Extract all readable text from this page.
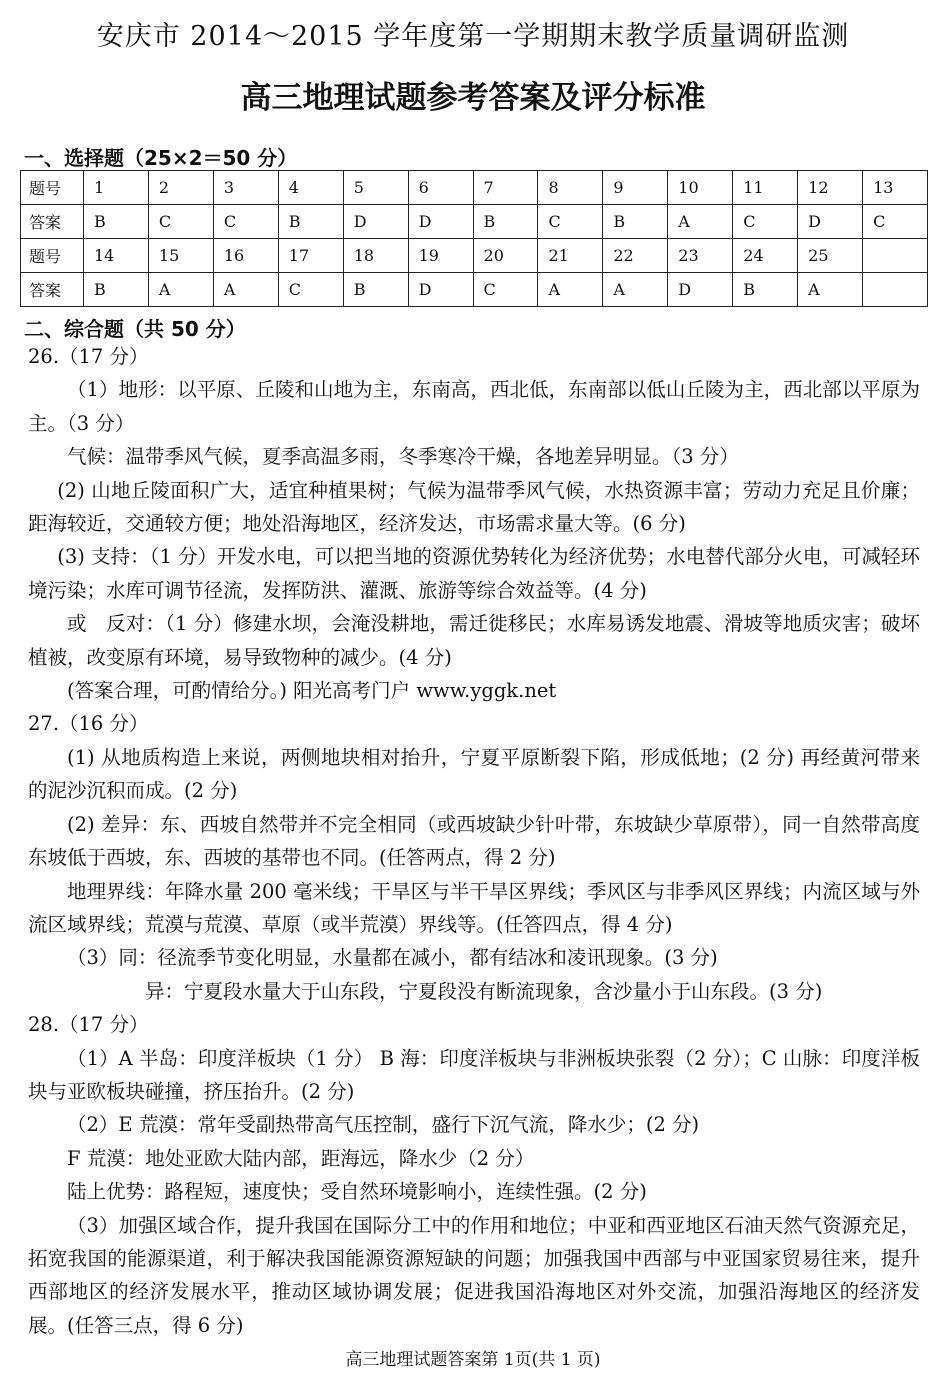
安庆市 2014～2015 学年度第一学期期末教学质量调研监测
高三地理试题参考答案及评分标准
一、选择题（25×2＝50 分）
题号	1	2	3	4	5	6	7	8	9	10	11	12	13
答案	B	C	C	B	D	D	B	C	B	A	C	D	C
题号	14	15	16	17	18	19	20	21	22	23	24	25	
答案	B	A	A	C	B	D	C	A	A	D	B	A	
二、综合题（共 50 分）

26.（17 分）

（1）地形：以平原、丘陵和山地为主，东南高，西北低，东南部以低山丘陵为主，西北部以平原为主。（3 分）

气候：温带季风气候，夏季高温多雨，冬季寒冷干燥，各地差异明显。（3 分）

(2) 山地丘陵面积广大，适宜种植果树；气候为温带季风气候，水热资源丰富；劳动力充足且价廉；距海较近，交通较方便；地处沿海地区，经济发达，市场需求量大等。(6 分)

(3) 支持：（1 分）开发水电，可以把当地的资源优势转化为经济优势；水电替代部分火电，可减轻环境污染；水库可调节径流，发挥防洪、灌溉、旅游等综合效益等。(4 分)

或　反对：（1 分）修建水坝，会淹没耕地，需迁徙移民；水库易诱发地震、滑坡等地质灾害；破坏植被，改变原有环境，易导致物种的减少。(4 分)

(答案合理，可酌情给分。) 阳光高考门户 www.yggk.net

27.（16 分）

(1) 从地质构造上来说，两侧地块相对抬升，宁夏平原断裂下陷，形成低地；(2 分) 再经黄河带来的泥沙沉积而成。(2 分)

(2) 差异：东、西坡自然带并不完全相同（或西坡缺少针叶带，东坡缺少草原带），同一自然带高度东坡低于西坡，东、西坡的基带也不同。(任答两点，得 2 分)

地理界线：年降水量 200 毫米线；干旱区与半干旱区界线；季风区与非季风区界线；内流区域与外流区域界线；荒漠与荒漠、草原（或半荒漠）界线等。(任答四点，得 4 分)

（3）同：径流季节变化明显，水量都在减小，都有结冰和凌讯现象。(3 分)

异：宁夏段水量大于山东段，宁夏段没有断流现象，含沙量小于山东段。(3 分)

28.（17 分）

（1）A 半岛：印度洋板块（1 分） B 海：印度洋板块与非洲板块张裂（2 分）；C 山脉：印度洋板块与亚欧板块碰撞，挤压抬升。(2 分)

（2）E 荒漠：常年受副热带高气压控制，盛行下沉气流，降水少；(2 分)

F 荒漠：地处亚欧大陆内部，距海远，降水少（2 分）

陆上优势：路程短，速度快；受自然环境影响小，连续性强。(2 分)

（3）加强区域合作，提升我国在国际分工中的作用和地位；中亚和西亚地区石油天然气资源充足，拓宽我国的能源渠道，利于解决我国能源资源短缺的问题；加强我国中西部与中亚国家贸易往来，提升西部地区的经济发展水平，推动区域协调发展；促进我国沿海地区对外交流，加强沿海地区的经济发展。(任答三点，得 6 分)

高三地理试题答案第 1页(共 1 页)
